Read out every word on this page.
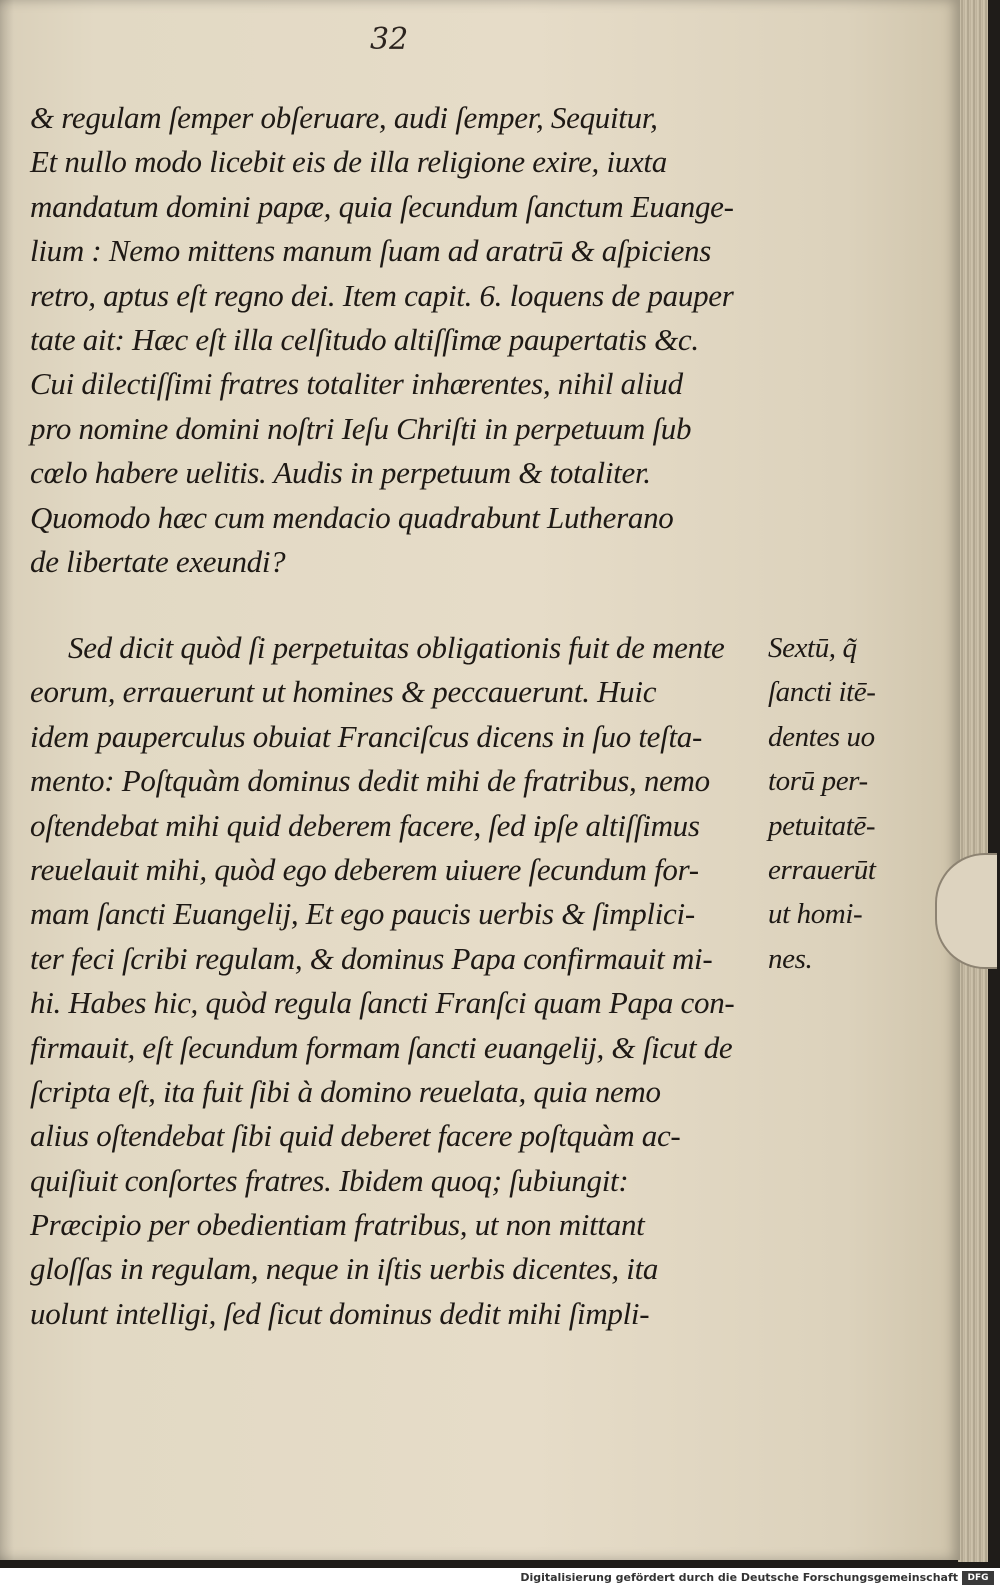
32
& regulam ſemper obſeruare, audi ſemper, Sequitur,
Et nullo modo licebit eis de illa religione exire, iuxta
mandatum domini papæ, quia ſecundum ſanctum Euange-
lium : Nemo mittens manum ſuam ad aratrū & aſpiciens
retro, aptus eſt regno dei. Item capit. 6. loquens de pauper
tate ait: Hæc eſt illa celſitudo altiſſimæ paupertatis &c.
Cui dilectiſſimi fratres totaliter inhærentes, nihil aliud
pro nomine domini noſtri Ieſu Chriſti in perpetuum ſub
cœlo habere uelitis. Audis in perpetuum & totaliter.
Quomodo hæc cum mendacio quadrabunt Lutherano
de libertate exeundi?
Sed dicit quòd ſi perpetuitas obligationis fuit de mente
eorum, errauerunt ut homines & peccauerunt. Huic
idem pauperculus obuiat Franciſcus dicens in ſuo teſta-
mento: Poſtquàm dominus dedit mihi de fratribus, nemo
oſtendebat mihi quid deberem facere, ſed ipſe altiſſimus
reuelauit mihi, quòd ego deberem uiuere ſecundum for-
mam ſancti Euangelij, Et ego paucis uerbis & ſimplici-
ter feci ſcribi regulam, & dominus Papa confirmauit mi-
hi. Habes hic, quòd regula ſancti Franſci quam Papa con-
firmauit, eſt ſecundum formam ſancti euangelij, & ſicut de
ſcripta eſt, ita fuit ſibi à domino reuelata, quia nemo
alius oſtendebat ſibi quid deberet facere poſtquàm ac-
quiſiuit conſortes fratres. Ibidem quoq; ſubiungit:
Præcipio per obedientiam fratribus, ut non mittant
gloſſas in regulam, neque in iſtis uerbis dicentes, ita
uolunt intelligi, ſed ſicut dominus dedit mihi ſimpli-
Sextū, q̃
ſancti itē-
dentes uo
torū per-
petuitatē-
errauerūt
ut homi-
nes.
Digitalisierung gefördert durch die Deutsche Forschungsgemeinschaft	DFG
